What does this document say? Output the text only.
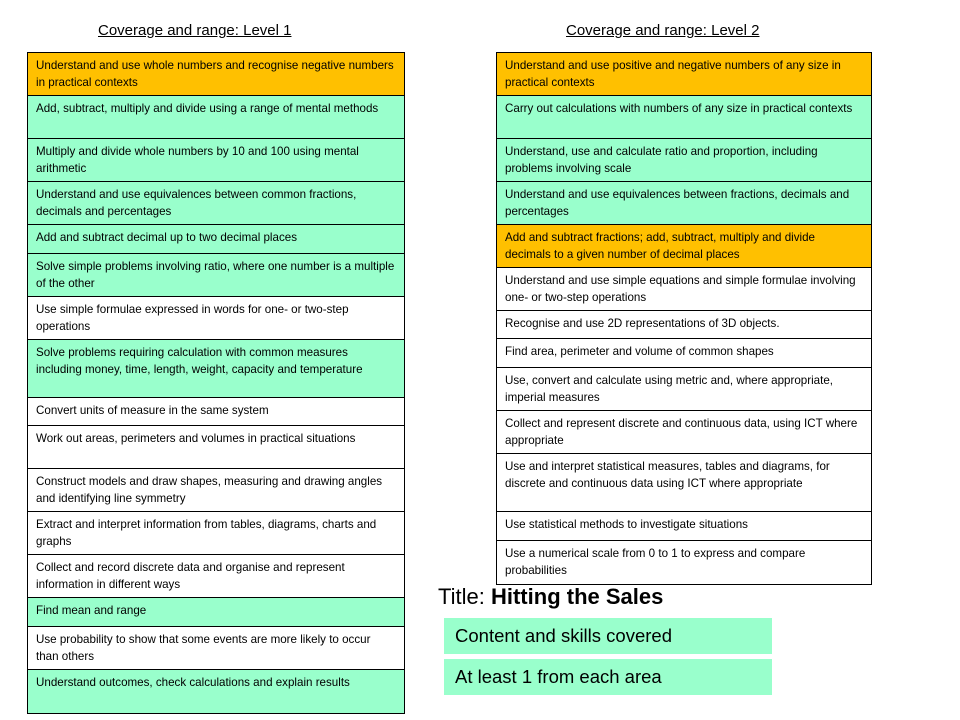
Coverage and range: Level 1	Coverage and range: Level 2
Understand and use whole numbers and recognise negative numbers in practical contexts
Add, subtract, multiply and divide using a range of mental methods
Multiply and divide whole numbers by 10 and 100 using mental arithmetic
Understand and use equivalences between common fractions, decimals and percentages
Add and subtract decimal up to two decimal places
Solve simple problems involving ratio, where one number is a multiple of the other
Use simple formulae expressed in words for one- or two-step operations
Solve problems requiring calculation with common measures including money, time, length, weight, capacity and temperature
Convert units of measure in the same system
Work out areas, perimeters and volumes in practical situations
Construct models and draw shapes, measuring and drawing angles and identifying line symmetry
Extract and interpret information from tables, diagrams, charts and graphs
Collect and record discrete data and organise and represent information in different ways
Find mean and range
Use probability to show that some events are more likely to occur than others
Understand outcomes, check calculations and explain results
Understand and use positive and negative numbers of any size in practical contexts
Carry out calculations with numbers of any size in practical contexts
Understand, use and calculate ratio and proportion, including problems involving scale
Understand and use equivalences between fractions, decimals and percentages
Add and subtract fractions; add, subtract, multiply and divide decimals to a given number of decimal places
Understand and use simple equations and simple formulae involving one- or two-step operations
Recognise and use 2D representations of 3D objects.
Find area, perimeter and volume of common shapes
Use, convert and calculate using metric and, where appropriate, imperial measures
Collect and represent discrete and continuous data, using ICT where appropriate
Use and interpret statistical measures, tables and diagrams, for discrete and continuous data using ICT where appropriate
Use statistical methods to investigate situations
Use a numerical scale from 0 to 1 to express and compare probabilities
Title: Hitting the Sales
Content and skills covered
At least 1 from each area
